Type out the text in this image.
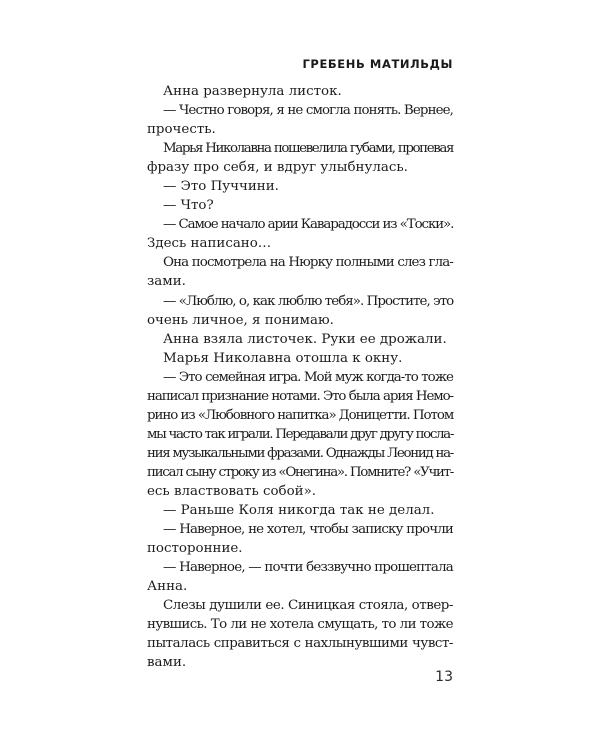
ГРЕБЕНЬ МАТИЛЬДЫ
Анна развернула листок.
— Честно говоря, я не смогла понять. Вернее,
прочесть.
Марья Николавна пошевелила губами, пропевая
фразу про себя, и вдруг улыбнулась.
— Это Пуччини.
— Что?
— Самое начало арии Каварадосси из «Тоски».
Здесь написано…
Она посмотрела на Нюрку полными слез гла-
зами.
— «Люблю, о, как люблю тебя». Простите, это
очень личное, я понимаю.
Анна взяла листочек. Руки ее дрожали.
Марья Николавна отошла к окну.
— Это семейная игра. Мой муж когда-то тоже
написал признание нотами. Это была ария Немо-
рино из «Любовного напитка» Доницетти. Потом
мы часто так играли. Передавали друг другу посла-
ния музыкальными фразами. Однажды Леонид на-
писал сыну строку из «Онегина». Помните? «Учит-
есь властвовать собой».
— Раньше Коля никогда так не делал.
— Наверное, не хотел, чтобы записку прочли
посторонние.
— Наверное, — почти беззвучно прошептала
Анна.
Слезы душили ее. Синицкая стояла, отвер-
нувшись. То ли не хотела смущать, то ли тоже
пыталась справиться с нахлынувшими чувст-
вами.
13
